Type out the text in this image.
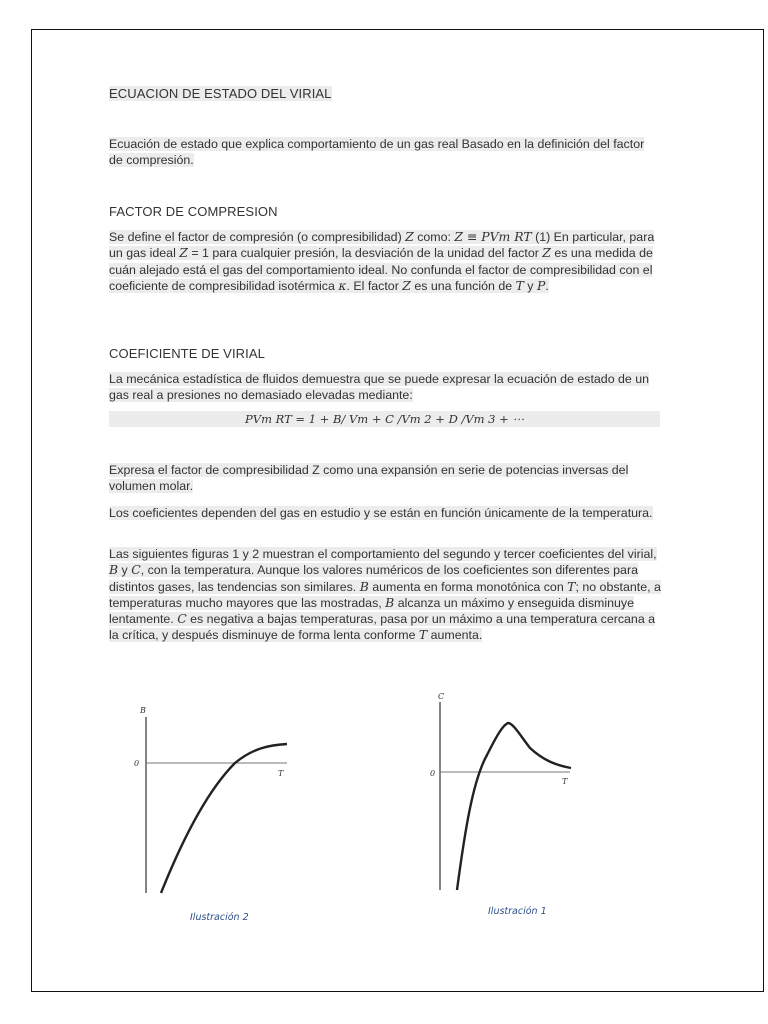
ECUACION DE ESTADO DEL VIRIAL

Ecuación de estado que explica comportamiento de un gas real Basado en la definición del factor de compresión.

FACTOR DE COMPRESION

Se define el factor de compresión (o compresibilidad) Z como: Z ≡ PVm RT (1) En particular, para un gas ideal Z = 1 para cualquier presión, la desviación de la unidad del factor Z es una medida de cuán alejado está el gas del comportamiento ideal. No confunda el factor de compresibilidad con el coeficiente de compresibilidad isotérmica κ. El factor Z es una función de T y P.

COEFICIENTE DE VIRIAL

La mecánica estadística de fluidos demuestra que se puede expresar la ecuación de estado de un gas real a presiones no demasiado elevadas mediante:

PVm RT = 1 + B/ Vm + C /Vm 2 + D /Vm 3 + ⋯

Expresa el factor de compresibilidad Z como una expansión en serie de potencias inversas del volumen molar.

Los coeficientes dependen del gas en estudio y se están en función únicamente de la temperatura.

Las siguientes figuras 1 y 2 muestran el comportamiento del segundo y tercer coeficientes del virial, B y C, con la temperatura. Aunque los valores numéricos de los coeficientes son diferentes para distintos gases, las tendencias son similares. B aumenta en forma monotónica con T; no obstante, a temperaturas mucho mayores que las mostradas, B alcanza un máximo y enseguida disminuye lentamente. C es negativa a bajas temperaturas, pasa por un máximo a una temperatura cercana a la crítica, y después disminuye de forma lenta conforme T aumenta.

B
0
T
Ilustración 2
C
0
T
Ilustración 1
